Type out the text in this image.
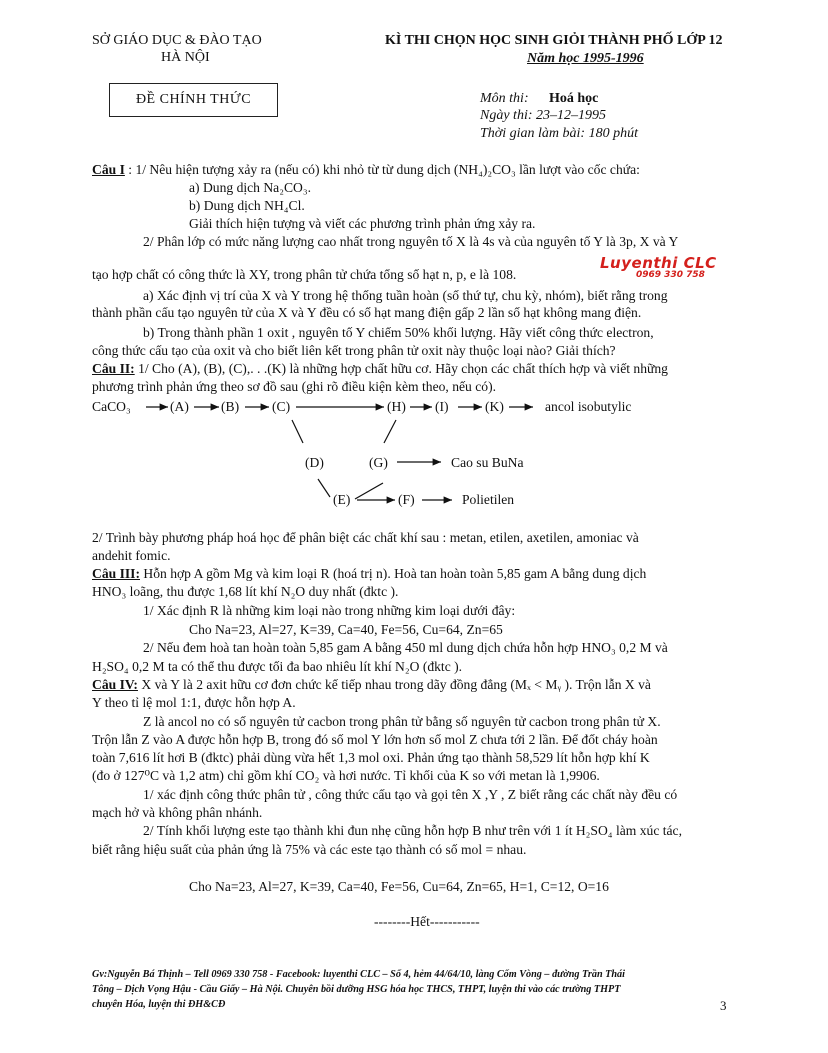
SỞ GIÁO DỤC & ĐÀO TẠO
HÀ NỘI
KÌ THI CHỌN HỌC SINH GIỎI THÀNH PHỐ LỚP 12
Năm học 1995-1996
ĐỀ CHÍNH THỨC	Môn thi: Hoá học
Ngày thi: 23–12–1995
Thời gian làm bài: 180 phút
Luyenthi CLC
0969 330 758
Câu I : 1/ Nêu hiện tượng xảy ra (nếu có) khi nhỏ từ từ dung dịch (NH₄)₂CO₃ lần lượt vào cốc chứa:
a) Dung dịch Na₂CO₃.
b) Dung dịch NH₄Cl.
Giải thích hiện tượng và viết các phương trình phản ứng xảy ra.
2/ Phân lớp có mức năng lượng cao nhất trong nguyên tố X là 4s và của nguyên tố Y là 3p, X và Y
tạo hợp chất có công thức là XY, trong phân tử chứa tổng số hạt n, p, e là 108.
a) Xác định vị trí của X và Y trong hệ thống tuần hoàn (số thứ tự, chu kỳ, nhóm), biết rằng trong
thành phần cấu tạo nguyên tử của X và Y đều có số hạt mang điện gấp 2 lần số hạt không mang điện.
b) Trong thành phần 1 oxit , nguyên tố Y chiếm 50% khối lượng. Hãy viết công thức electron,
công thức cấu tạo của oxit và cho biết liên kết trong phân tử oxit này thuộc loại nào? Giải thích?
Câu II: 1/ Cho (A), (B), (C),. . .(K) là những hợp chất hữu cơ. Hãy chọn các chất thích hợp và viết những
phương trình phản ứng theo sơ đồ sau (ghi rõ điều kiện kèm theo, nếu có).
CaCO₃	(A) (B) (C)	(H) (I)	(K)	ancol isobutylic
(D)	(G)	Cao su BuNa
(E)	(F)	Polietilen
2/ Trình bày phương pháp hoá học để phân biệt các chất khí sau : metan, etilen, axetilen, amoniac và
andehit fomic.
Câu III: Hỗn hợp A gồm Mg và kim loại R (hoá trị n). Hoà tan hoàn toàn 5,85 gam A bằng dung dịch
HNO₃ loãng, thu được 1,68 lít khí N₂O duy nhất (đktc ).
1/ Xác định R là những kim loại nào trong những kim loại dưới đây:
Cho Na=23, Al=27, K=39, Ca=40, Fe=56, Cu=64, Zn=65
2/ Nếu đem hoà tan hoàn toàn 5,85 gam A bằng 450 ml dung dịch chứa hỗn hợp HNO₃ 0,2 M và
H₂SO₄ 0,2 M ta có thể thu được tối đa bao nhiêu lít khí N₂O (đktc ).
Câu IV: X và Y là 2 axit hữu cơ đơn chức kế tiếp nhau trong dãy đồng đẳng (Mₓ < Mᵧ ). Trộn lẫn X và
Y theo tỉ lệ mol 1:1, được hỗn hợp A.
Z là ancol no có số nguyên tử cacbon trong phân tử bằng số nguyên tử cacbon trong phân tử X.
Trộn lẫn Z vào A được hỗn hợp B, trong đó số mol Y lớn hơn số mol Z chưa tới 2 lần. Để đốt cháy hoàn
toàn 7,616 lít hơi B (đktc) phải dùng vừa hết 1,3 mol oxi. Phản ứng tạo thành 58,529 lít hỗn hợp khí K
(đo ở 127⁰C và 1,2 atm) chỉ gồm khí CO₂ và hơi nước. Tỉ khối của K so với metan là 1,9906.
1/ xác định công thức phân tử , công thức cấu tạo và gọi tên X ,Y , Z biết rằng các chất này đều có
mạch hở và không phân nhánh.
2/ Tính khối lượng este tạo thành khi đun nhẹ cũng hỗn hợp B như trên với 1 ít H₂SO₄ làm xúc tác,
biết rằng hiệu suất của phản ứng là 75% và các este tạo thành có số mol = nhau.
Cho Na=23, Al=27, K=39, Ca=40, Fe=56, Cu=64, Zn=65, H=1, C=12, O=16
--------Hết-----------
Gv:Nguyễn Bá Thịnh – Tell 0969 330 758 - Facebook: luyenthi CLC – Số 4, hẻm 44/64/10, làng Cốm Vòng – đường Trần Thái
Tông – Dịch Vọng Hậu - Cầu Giấy – Hà Nội. Chuyên bồi dưỡng HSG hóa học THCS, THPT, luyện thi vào các trường THPT
chuyên Hóa, luyện thi ĐH&CĐ	3
